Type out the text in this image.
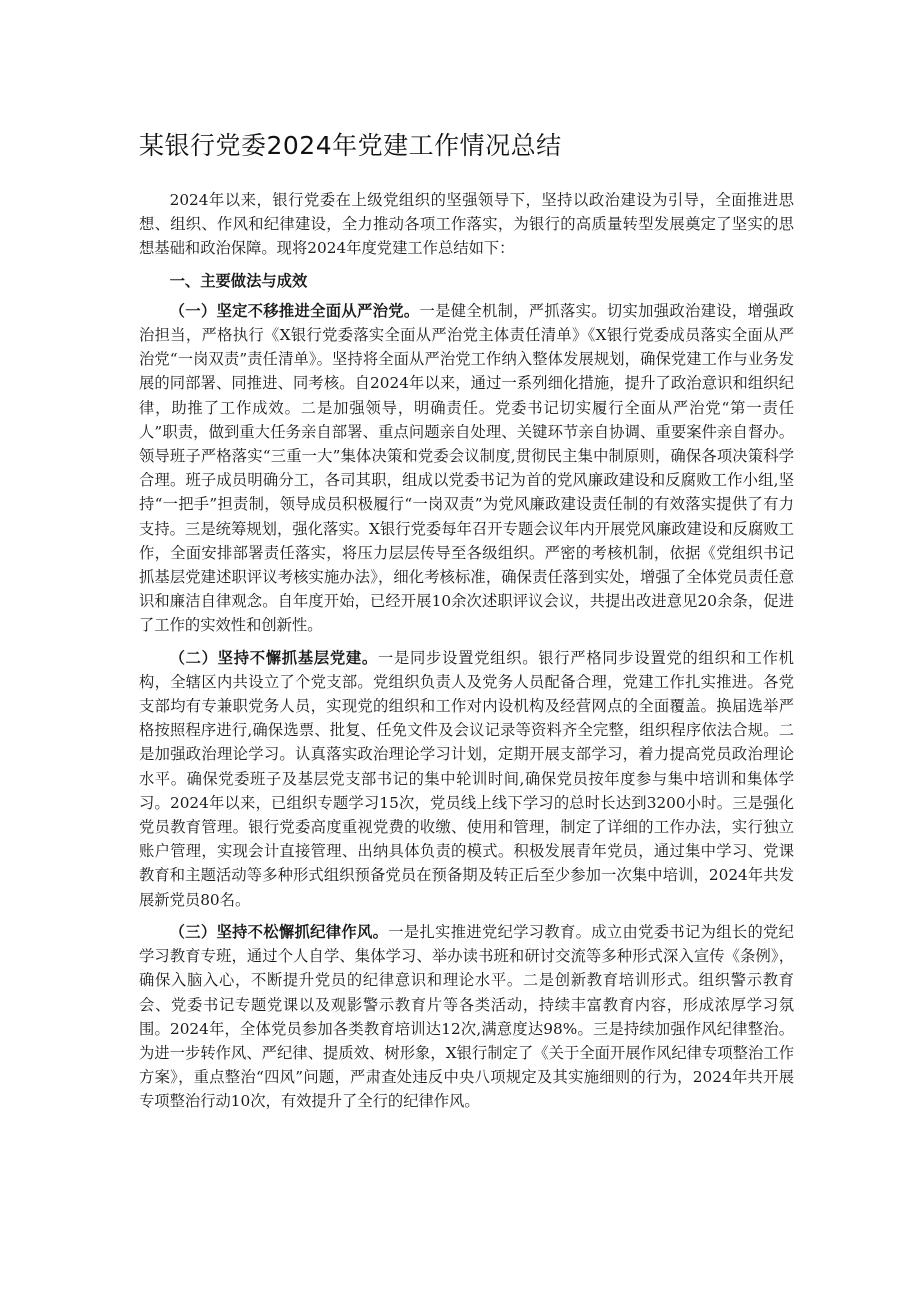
某银行党委2024年党建工作情况总结

2024年以来，银行党委在上级党组织的坚强领导下，坚持以政治建设为引导，全面推进思想、组织、作风和纪律建设，全力推动各项工作落实，为银行的高质量转型发展奠定了坚实的思想基础和政治保障。现将2024年度党建工作总结如下：

一、主要做法与成效

（一）坚定不移推进全面从严治党。一是健全机制，严抓落实。切实加强政治建设，增强政治担当，严格执行《X银行党委落实全面从严治党主体责任清单》《X银行党委成员落实全面从严治党“一岗双责”责任清单》。坚持将全面从严治党工作纳入整体发展规划，确保党建工作与业务发展的同部署、同推进、同考核。自2024年以来，通过一系列细化措施，提升了政治意识和组织纪律，助推了工作成效。二是加强领导，明确责任。党委书记切实履行全面从严治党“第一责任人”职责，做到重大任务亲自部署、重点问题亲自处理、关键环节亲自协调、重要案件亲自督办。领导班子严格落实“三重一大”集体决策和党委会议制度,贯彻民主集中制原则，确保各项决策科学合理。班子成员明确分工，各司其职，组成以党委书记为首的党风廉政建设和反腐败工作小组,坚持“一把手”担责制，领导成员积极履行“一岗双责”为党风廉政建设责任制的有效落实提供了有力支持。三是统筹规划，强化落实。X银行党委每年召开专题会议年内开展党风廉政建设和反腐败工作，全面安排部署责任落实，将压力层层传导至各级组织。严密的考核机制，依据《党组织书记抓基层党建述职评议考核实施办法》，细化考核标准，确保责任落到实处，增强了全体党员责任意识和廉洁自律观念。自年度开始，已经开展10余次述职评议会议，共提出改进意见20余条，促进了工作的实效性和创新性。

（二）坚持不懈抓基层党建。一是同步设置党组织。银行严格同步设置党的组织和工作机构，全辖区内共设立了个党支部。党组织负责人及党务人员配备合理，党建工作扎实推进。各党支部均有专兼职党务人员，实现党的组织和工作对内设机构及经营网点的全面覆盖。换届选举严格按照程序进行,确保选票、批复、任免文件及会议记录等资料齐全完整，组织程序依法合规。二是加强政治理论学习。认真落实政治理论学习计划，定期开展支部学习，着力提高党员政治理论水平。确保党委班子及基层党支部书记的集中轮训时间,确保党员按年度参与集中培训和集体学习。2024年以来，已组织专题学习15次，党员线上线下学习的总时长达到3200小时。三是强化党员教育管理。银行党委高度重视党费的收缴、使用和管理，制定了详细的工作办法，实行独立账户管理，实现会计直接管理、出纳具体负责的模式。积极发展青年党员，通过集中学习、党课教育和主题活动等多种形式组织预备党员在预备期及转正后至少参加一次集中培训，2024年共发展新党员80名。

（三）坚持不松懈抓纪律作风。一是扎实推进党纪学习教育。成立由党委书记为组长的党纪学习教育专班，通过个人自学、集体学习、举办读书班和研讨交流等多种形式深入宣传《条例》，确保入脑入心，不断提升党员的纪律意识和理论水平。二是创新教育培训形式。组织警示教育会、党委书记专题党课以及观影警示教育片等各类活动，持续丰富教育内容，形成浓厚学习氛围。2024年，全体党员参加各类教育培训达12次,满意度达98%。三是持续加强作风纪律整治。为进一步转作风、严纪律、提质效、树形象，X银行制定了《关于全面开展作风纪律专项整治工作方案》，重点整治“四风”问题，严肃查处违反中央八项规定及其实施细则的行为，2024年共开展专项整治行动10次，有效提升了全行的纪律作风。
